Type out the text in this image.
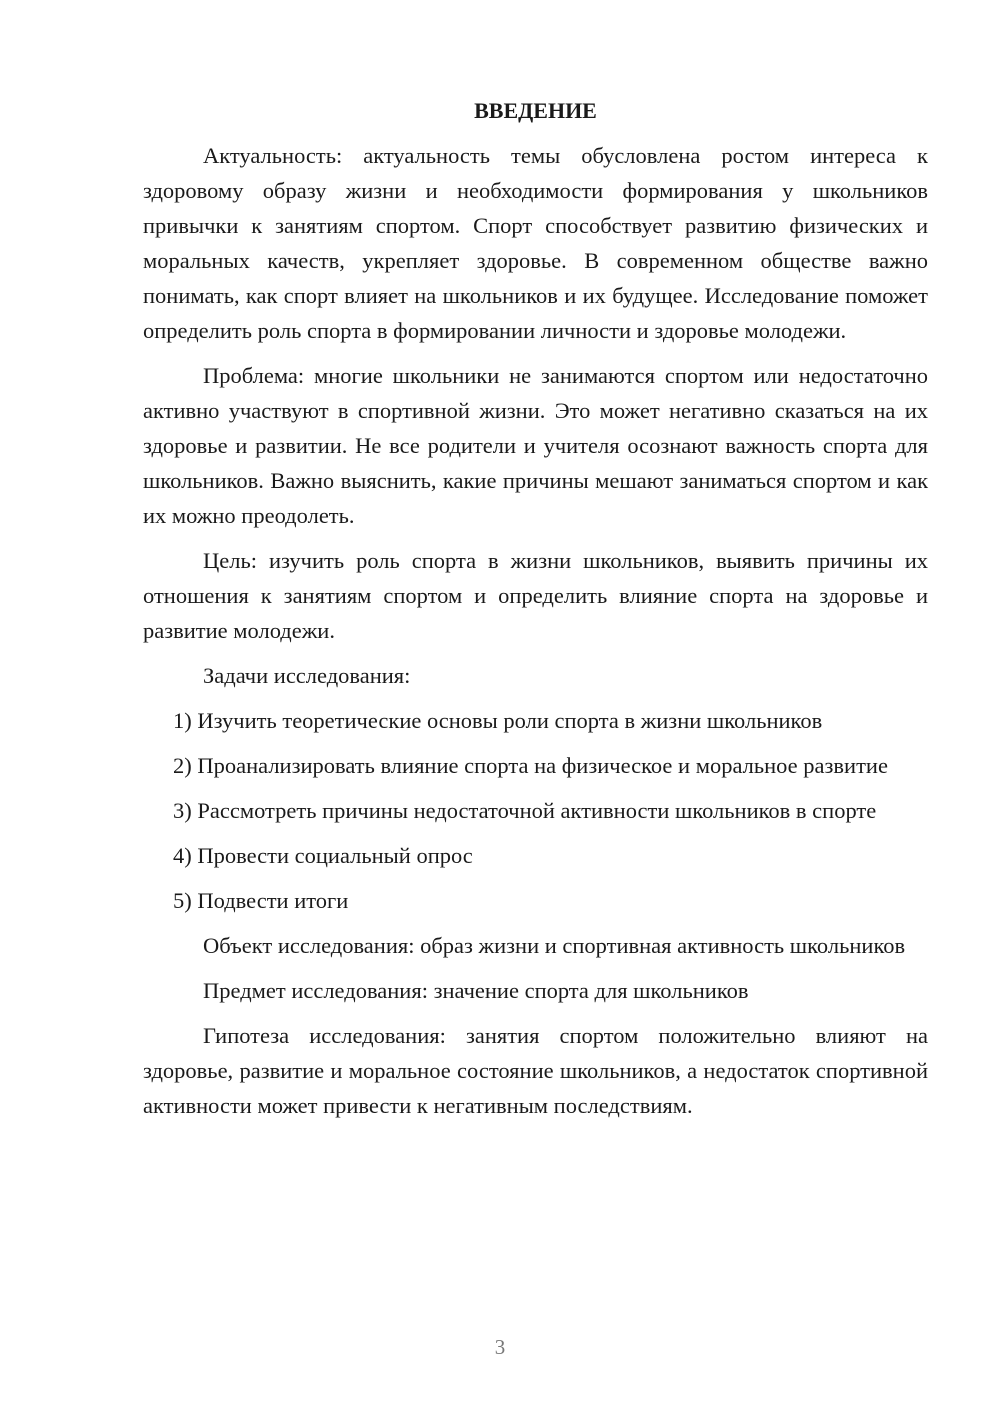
ВВЕДЕНИЕ

Актуальность: актуальность темы обусловлена ростом интереса к здоровому образу жизни и необходимости формирования у школьников привычки к занятиям спортом. Спорт способствует развитию физических и моральных качеств, укрепляет здоровье. В современном обществе важно понимать, как спорт влияет на школьников и их будущее. Исследование поможет определить роль спорта в формировании личности и здоровье молодежи.

Проблема: многие школьники не занимаются спортом или недостаточно активно участвуют в спортивной жизни. Это может негативно сказаться на их здоровье и развитии. Не все родители и учителя осознают важность спорта для школьников. Важно выяснить, какие причины мешают заниматься спортом и как их можно преодолеть.

Цель: изучить роль спорта в жизни школьников, выявить причины их отношения к занятиям спортом и определить влияние спорта на здоровье и развитие молодежи.

Задачи исследования:

1) Изучить теоретические основы роли спорта в жизни школьников

2) Проанализировать влияние спорта на физическое и моральное развитие

3) Рассмотреть причины недостаточной активности школьников в спорте

4) Провести социальный опрос

5) Подвести итоги

Объект исследования: образ жизни и спортивная активность школьников

Предмет исследования: значение спорта для школьников

Гипотеза исследования: занятия спортом положительно влияют на здоровье, развитие и моральное состояние школьников, а недостаток спортивной активности может привести к негативным последствиям.

3
